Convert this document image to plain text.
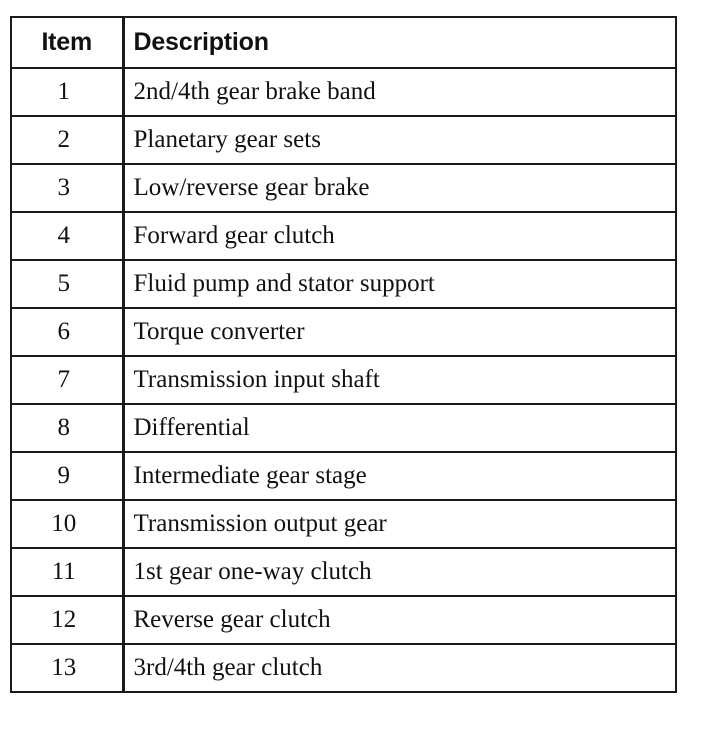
Item	Description
1	2nd/4th gear brake band
2	Planetary gear sets
3	Low/reverse gear brake
4	Forward gear clutch
5	Fluid pump and stator support
6	Torque converter
7	Transmission input shaft
8	Differential
9	Intermediate gear stage
10	Transmission output gear
11	1st gear one-way clutch
12	Reverse gear clutch
13	3rd/4th gear clutch
